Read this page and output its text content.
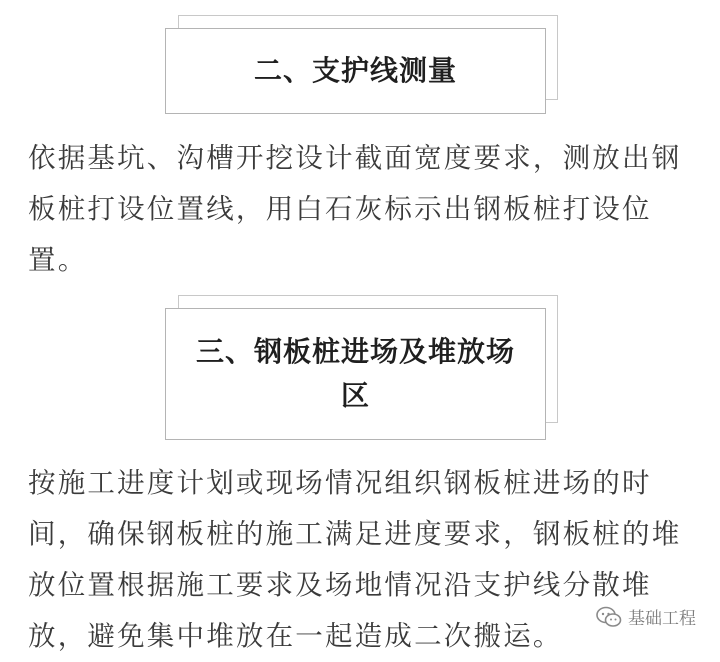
二、支护线测量

依据基坑、沟槽开挖设计截面宽度要求，测放出钢板桩打设位置线，用白石灰标示出钢板桩打设位置。

三、钢板桩进场及堆放场
区

按施工进度计划或现场情况组织钢板桩进场的时间，确保钢板桩的施工满足进度要求，钢板桩的堆放位置根据施工要求及场地情况沿支护线分散堆放，避免集中堆放在一起造成二次搬运。

基础工程
